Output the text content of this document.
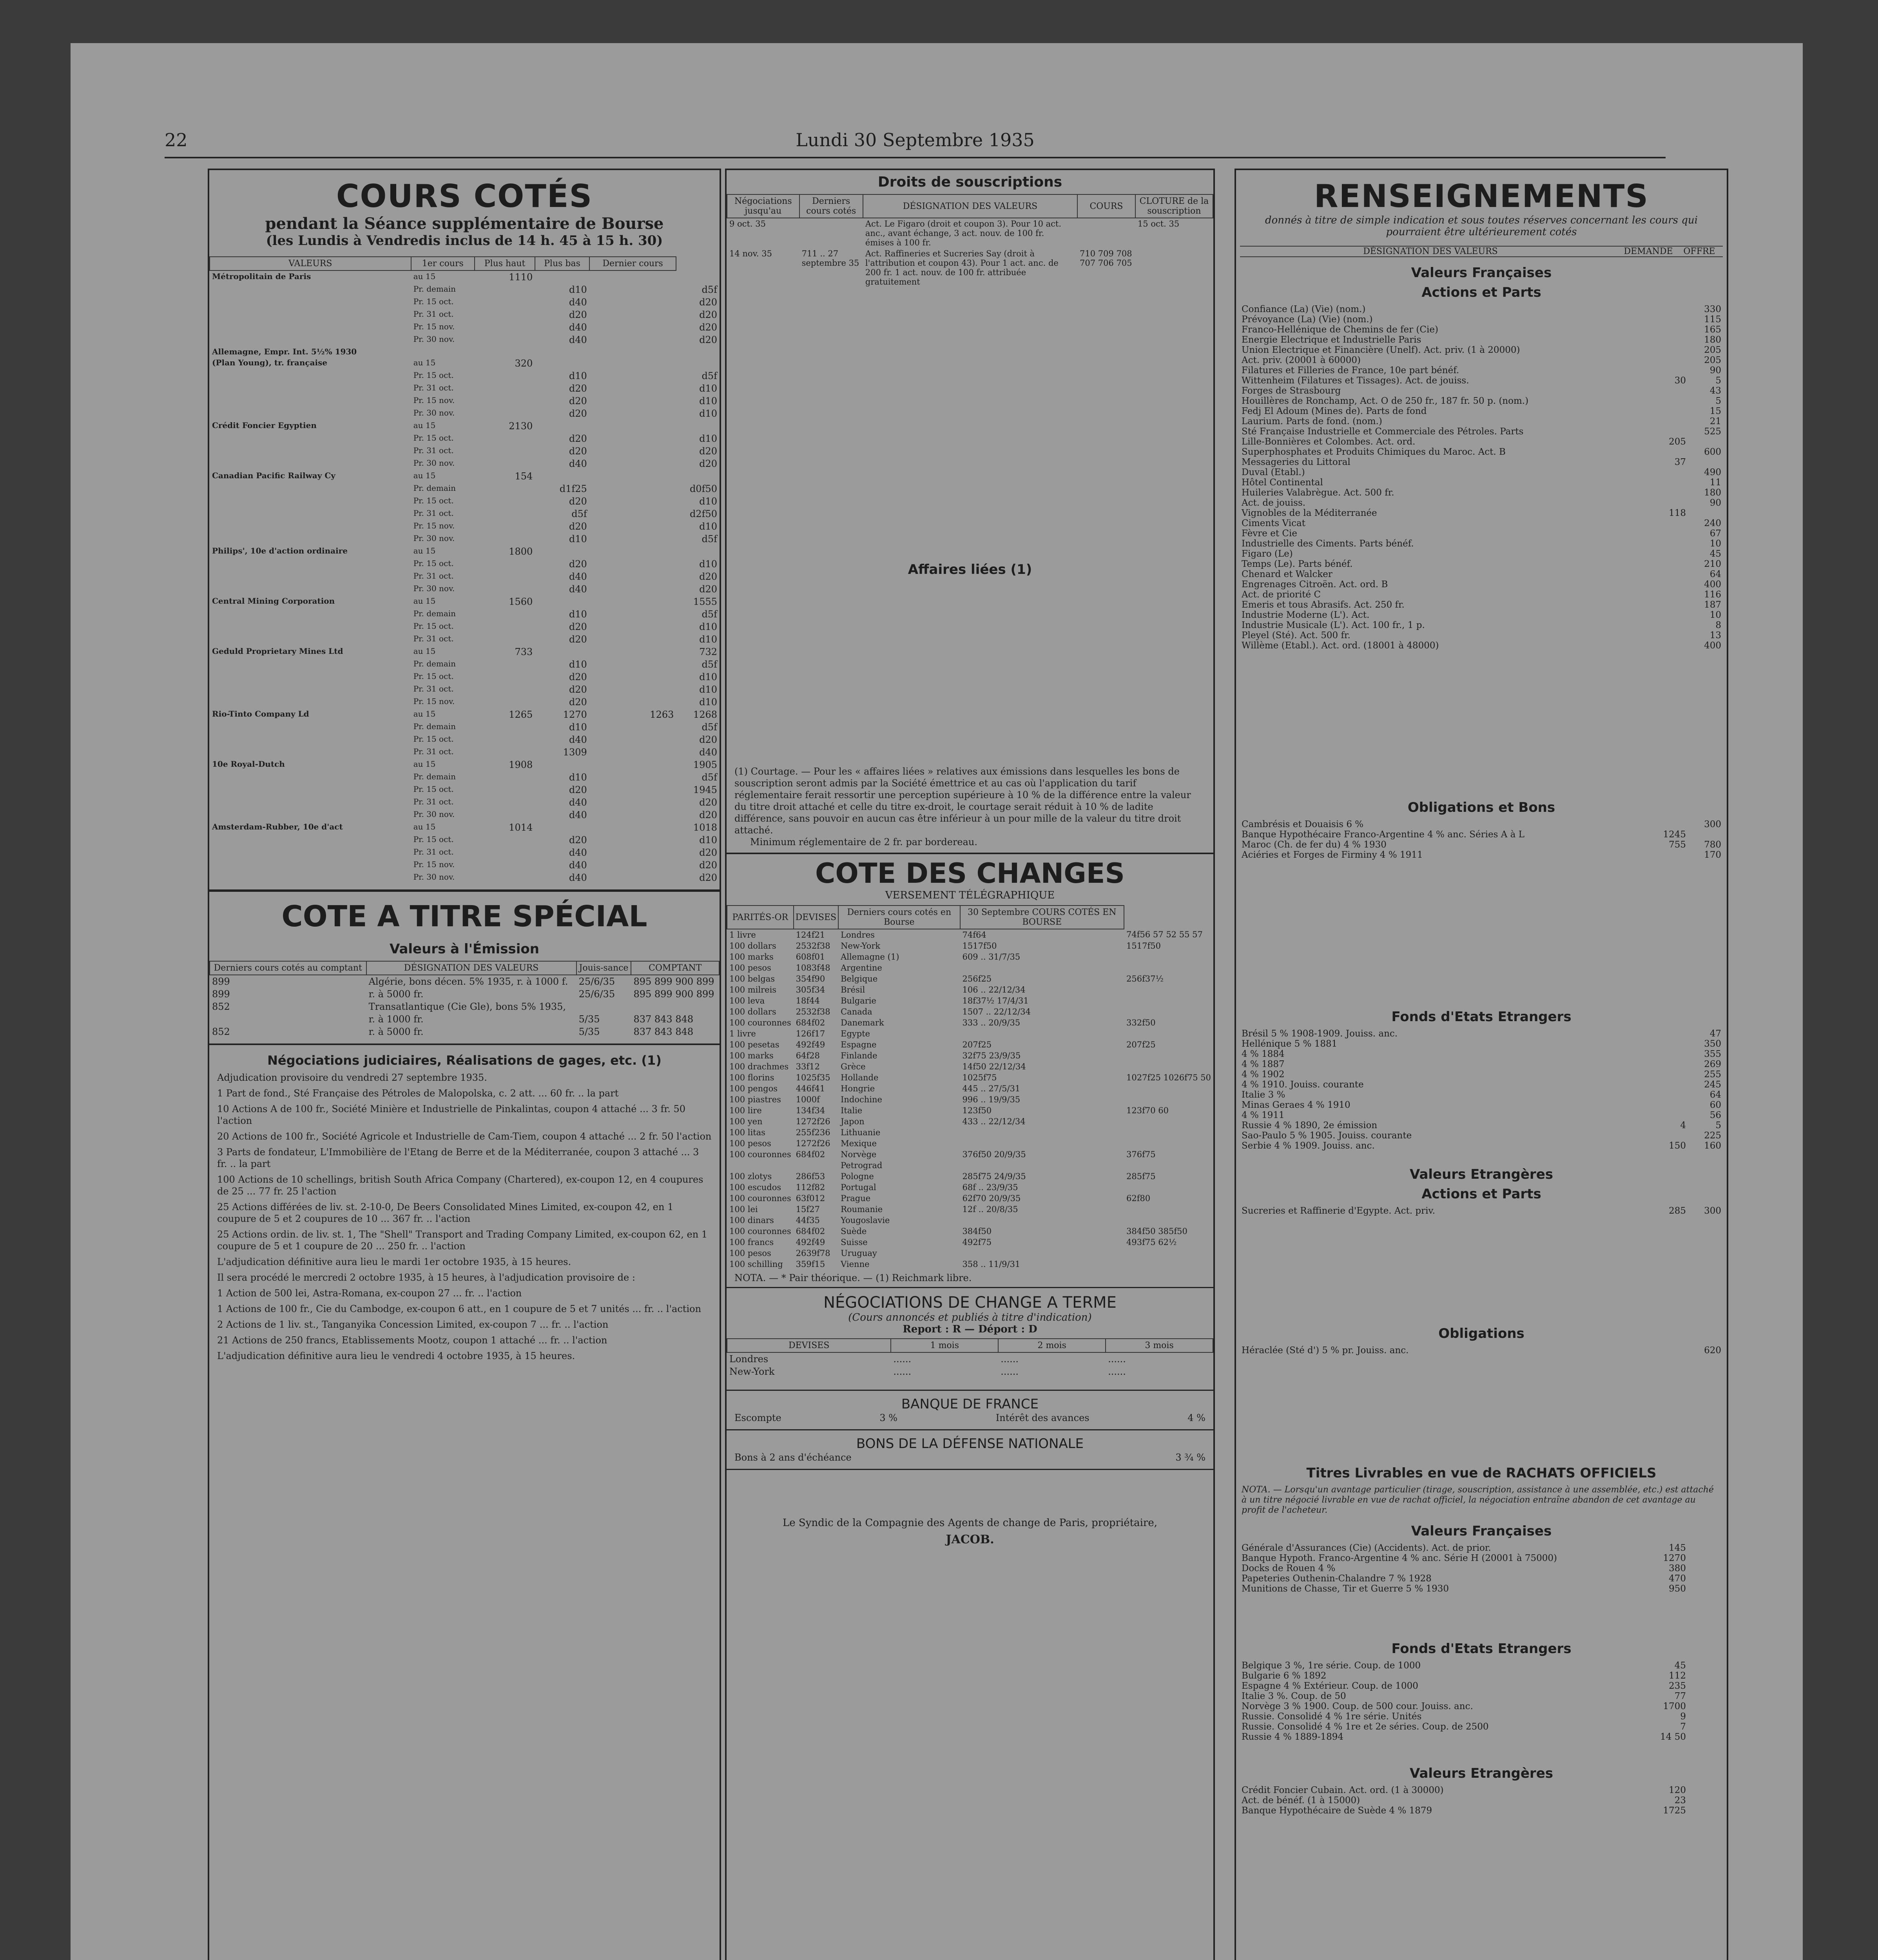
22	Lundi 30 Septembre 1935
COURS COTÉS
pendant la Séance supplémentaire de Bourse
(les Lundis à Vendredis inclus de 14 h. 45 à 15 h. 30)
VALEURS	1er cours	Plus haut	Plus bas	Dernier cours	
Métropolitain de Paris	au 15	1110			
	Pr. demain		d10		d5f
	Pr. 15 oct.		d40		d20
	Pr. 31 oct.		d20		d20
	Pr. 15 nov.		d40		d20
	Pr. 30 nov.		d40		d20
Allemagne, Empr. Int. 5½% 1930					
(Plan Young), tr. française	au 15	320			
	Pr. 15 oct.		d10		d5f
	Pr. 31 oct.		d20		d10
	Pr. 15 nov.		d20		d10
	Pr. 30 nov.		d20		d10
Crédit Foncier Egyptien	au 15	2130			
	Pr. 15 oct.		d20		d10
	Pr. 31 oct.		d20		d20
	Pr. 30 nov.		d40		d20
Canadian Pacific Railway Cy	au 15	154			
	Pr. demain		d1f25		d0f50
	Pr. 15 oct.		d20		d10
	Pr. 31 oct.		d5f		d2f50
	Pr. 15 nov.		d20		d10
	Pr. 30 nov.		d10		d5f
Philips', 10e d'action ordinaire	au 15	1800			
	Pr. 15 oct.		d20		d10
	Pr. 31 oct.		d40		d20
	Pr. 30 nov.		d40		d20
Central Mining Corporation	au 15	1560			1555
	Pr. demain		d10		d5f
	Pr. 15 oct.		d20		d10
	Pr. 31 oct.		d20		d10
Geduld Proprietary Mines Ltd	au 15	733			732
	Pr. demain		d10		d5f
	Pr. 15 oct.		d20		d10
	Pr. 31 oct.		d20		d10
	Pr. 15 nov.		d20		d10
Rio-Tinto Company Ld	au 15	1265	1270	1263	1268
	Pr. demain		d10		d5f
	Pr. 15 oct.		d40		d20
	Pr. 31 oct.		1309		d40
10e Royal-Dutch	au 15	1908			1905
	Pr. demain		d10		d5f
	Pr. 15 oct.		d20		1945
	Pr. 31 oct.		d40		d20
	Pr. 30 nov.		d40		d20
Amsterdam-Rubber, 10e d'act	au 15	1014			1018
	Pr. 15 oct.		d20		d10
	Pr. 31 oct.		d40		d20
	Pr. 15 nov.		d40		d20
	Pr. 30 nov.		d40		d20
COTE A TITRE SPÉCIAL
Valeurs à l'Émission
Derniers cours cotés au comptant	DÉSIGNATION DES VALEURS	Jouis-sance	COMPTANT
899	Algérie, bons décen. 5% 1935, r. à 1000 f.	25/6/35	895 899 900 899
899	r. à 5000 fr.	25/6/35	895 899 900 899
852	Transatlantique (Cie Gle), bons 5% 1935,		
	r. à 1000 fr.	5/35	837 843 848
852	r. à 5000 fr.	5/35	837 843 848
Négociations judiciaires, Réalisations de gages, etc. (1)
Adjudication provisoire du vendredi 27 septembre 1935.
1 Part de fond., Sté Française des Pétroles de Malopolska, c. 2 att. ... 60 fr. .. la part
10 Actions A de 100 fr., Société Minière et Industrielle de Pinkalintas, coupon 4 attaché ... 3 fr. 50 l'action
20 Actions de 100 fr., Société Agricole et Industrielle de Cam-Tiem, coupon 4 attaché ... 2 fr. 50 l'action
3 Parts de fondateur, L'Immobilière de l'Etang de Berre et de la Méditerranée, coupon 3 attaché ... 3 fr. .. la part
100 Actions de 10 schellings, british South Africa Company (Chartered), ex-coupon 12, en 4 coupures de 25 ... 77 fr. 25 l'action
25 Actions différées de liv. st. 2-10-0, De Beers Consolidated Mines Limited, ex-coupon 42, en 1 coupure de 5 et 2 coupures de 10 ... 367 fr. .. l'action
25 Actions ordin. de liv. st. 1, The "Shell" Transport and Trading Company Limited, ex-coupon 62, en 1 coupure de 5 et 1 coupure de 20 ... 250 fr. .. l'action
L'adjudication définitive aura lieu le mardi 1er octobre 1935, à 15 heures.
Il sera procédé le mercredi 2 octobre 1935, à 15 heures, à l'adjudication provisoire de :
1 Action de 500 lei, Astra-Romana, ex-coupon 27 ... fr. .. l'action
1 Actions de 100 fr., Cie du Cambodge, ex-coupon 6 att., en 1 coupure de 5 et 7 unités ... fr. .. l'action
2 Actions de 1 liv. st., Tanganyika Concession Limited, ex-coupon 7 ... fr. .. l'action
21 Actions de 250 francs, Etablissements Mootz, coupon 1 attaché ... fr. .. l'action
L'adjudication définitive aura lieu le vendredi 4 octobre 1935, à 15 heures.
Droits de souscriptions
Négociations jusqu'au	Derniers cours cotés	DÉSIGNATION DES VALEURS	COURS	CLOTURE de la souscription
9 oct. 35		Act. Le Figaro (droit et coupon 3). Pour 10 act. anc., avant échange, 3 act. nouv. de 100 fr. émises à 100 fr.		15 oct. 35
14 nov. 35	711 .. 27 septembre 35	Act. Raffineries et Sucreries Say (droit à l'attribution et coupon 43). Pour 1 act. anc. de 200 fr. 1 act. nouv. de 100 fr. attribuée gratuitement	710 709 708 707 706 705	
Affaires liées (1)
(1) Courtage. — Pour les « affaires liées » relatives aux émissions dans lesquelles les bons de souscription seront admis par la Société émettrice et au cas où l'application du tarif réglementaire ferait ressortir une perception supérieure à 10 % de la différence entre la valeur du titre droit attaché et celle du titre ex-droit, le courtage serait réduit à 10 % de ladite différence, sans pouvoir en aucun cas être inférieur à un pour mille de la valeur du titre droit attaché.
Minimum réglementaire de 2 fr. par bordereau.
COTE DES CHANGES
VERSEMENT TÉLÉGRAPHIQUE
PARITÉS-OR	DEVISES	Derniers cours cotés en Bourse	30 Septembre COURS COTÉS EN BOURSE	
1 livre	124f21	Londres	74f64	74f56 57 52 55 57
100 dollars	2532f38	New-York	1517f50	1517f50
100 marks	608f01	Allemagne (1)	609 .. 31/7/35	
100 pesos	1083f48	Argentine		
100 belgas	354f90	Belgique	256f25	256f37½
100 milreis	305f34	Brésil	106 .. 22/12/34	
100 leva	18f44	Bulgarie	18f37½ 17/4/31	
100 dollars	2532f38	Canada	1507 .. 22/12/34	
100 couronnes	684f02	Danemark	333 .. 20/9/35	332f50
1 livre	126f17	Egypte		
100 pesetas	492f49	Espagne	207f25	207f25
100 marks	64f28	Finlande	32f75 23/9/35	
100 drachmes	33f12	Grèce	14f50 22/12/34	
100 florins	1025f35	Hollande	1025f75	1027f25 1026f75 50
100 pengos	446f41	Hongrie	445 .. 27/5/31	
100 piastres	1000f	Indochine	996 .. 19/9/35	
100 lire	134f34	Italie	123f50	123f70 60
100 yen	1272f26	Japon	433 .. 22/12/34	
100 litas	255f236	Lithuanie		
100 pesos	1272f26	Mexique		
100 couronnes	684f02	Norvège	376f50 20/9/35	376f75
		Petrograd		
100 zlotys	286f53	Pologne	285f75 24/9/35	285f75
100 escudos	112f82	Portugal	68f .. 23/9/35	
100 couronnes	63f012	Prague	62f70 20/9/35	62f80
100 lei	15f27	Roumanie	12f .. 20/8/35	
100 dinars	44f35	Yougoslavie		
100 couronnes	684f02	Suède	384f50	384f50 385f50
100 francs	492f49	Suisse	492f75	493f75 62½
100 pesos	2639f78	Uruguay		
100 schilling	359f15	Vienne	358 .. 11/9/31	
NOTA. — * Pair théorique. — (1) Reichmark libre.
NÉGOCIATIONS DE CHANGE A TERME
(Cours annoncés et publiés à titre d'indication)
Report : R — Déport : D
DEVISES	1 mois	2 mois	3 mois
Londres	......	......	......
New-York	......	......	......
BANQUE DE FRANCE
Escompte	3 %	Intérêt des avances	4 %
BONS DE LA DÉFENSE NATIONALE
Bons à 2 ans d'échéance	3 ¾ %
Le Syndic de la Compagnie des Agents de change de Paris, propriétaire,
JACOB.
RENSEIGNEMENTS
donnés à titre de simple indication et sous toutes réserves concernant les cours qui pourraient être ultérieurement cotés
DÉSIGNATION DES VALEURS	DEMANDE	OFFRE
Valeurs Françaises
Actions et Parts
Confiance (La) (Vie) (nom.)	330
Prévoyance (La) (Vie) (nom.)	115
Franco-Hellénique de Chemins de fer (Cie)	165
Energie Electrique et Industrielle Paris	180
Union Electrique et Financière (Unelf). Act. priv. (1 à 20000)	205
Act. priv. (20001 à 60000)	205
Filatures et Filleries de France, 10e part bénéf.	90
Wittenheim (Filatures et Tissages). Act. de jouiss.	30	5
Forges de Strasbourg	43
Houillères de Ronchamp, Act. O de 250 fr., 187 fr. 50 p. (nom.)	5
Fedj El Adoum (Mines de). Parts de fond	15
Laurium. Parts de fond. (nom.)	21
Sté Française Industrielle et Commerciale des Pétroles. Parts	525
Lille-Bonnières et Colombes. Act. ord.	205
Superphosphates et Produits Chimiques du Maroc. Act. B	600
Messageries du Littoral	37
Duval (Etabl.)	490
Hôtel Continental	11
Huileries Valabrègue. Act. 500 fr.	180
Act. de jouiss.	90
Vignobles de la Méditerranée	118
Ciments Vicat	240
Fèvre et Cie	67
Industrielle des Ciments. Parts bénéf.	10
Figaro (Le)	45
Temps (Le). Parts bénéf.	210
Chenard et Walcker	64
Engrenages Citroën. Act. ord. B	400
Act. de priorité C	116
Emeris et tous Abrasifs. Act. 250 fr.	187
Industrie Moderne (L'). Act.	10
Industrie Musicale (L'). Act. 100 fr., 1 p.	8
Pleyel (Sté). Act. 500 fr.	13
Willème (Etabl.). Act. ord. (18001 à 48000)	400
Obligations et Bons
Cambrésis et Douaisis 6 %	300
Banque Hypothécaire Franco-Argentine 4 % anc. Séries A à L	1245
Maroc (Ch. de fer du) 4 % 1930	755	780
Aciéries et Forges de Firminy 4 % 1911	170
Fonds d'Etats Etrangers
Brésil 5 % 1908-1909. Jouiss. anc.	47
Hellénique 5 % 1881	350
4 % 1884	355
4 % 1887	269
4 % 1902	255
4 % 1910. Jouiss. courante	245
Italie 3 %	64
Minas Geraes 4 % 1910	60
4 % 1911	56
Russie 4 % 1890, 2e émission	4	5
Sao-Paulo 5 % 1905. Jouiss. courante	225
Serbie 4 % 1909. Jouiss. anc.	150	160
Valeurs Etrangères
Actions et Parts
Sucreries et Raffinerie d'Egypte. Act. priv.	285	300
Obligations
Héraclée (Sté d') 5 % pr. Jouiss. anc.	620
Titres Livrables en vue de RACHATS OFFICIELS
NOTA. — Lorsqu'un avantage particulier (tirage, souscription, assistance à une assemblée, etc.) est attaché à un titre négocié livrable en vue de rachat officiel, la négociation entraîne abandon de cet avantage au profit de l'acheteur.
Valeurs Françaises
Générale d'Assurances (Cie) (Accidents). Act. de prior.	145
Banque Hypoth. Franco-Argentine 4 % anc. Série H (20001 à 75000)	1270
Docks de Rouen 4 %	380
Papeteries Outhenin-Chalandre 7 % 1928	470
Munitions de Chasse, Tir et Guerre 5 % 1930	950
Fonds d'Etats Etrangers
Belgique 3 %, 1re série. Coup. de 1000	45
Bulgarie 6 % 1892	112
Espagne 4 % Extérieur. Coup. de 1000	235
Italie 3 %. Coup. de 50	77
Norvège 3 % 1900. Coup. de 500 cour. Jouiss. anc.	1700
Russie. Consolidé 4 % 1re série. Unités	9
Russie. Consolidé 4 % 1re et 2e séries. Coup. de 2500	7
Russie 4 % 1889-1894	14 50
Valeurs Etrangères
Crédit Foncier Cubain. Act. ord. (1 à 30000)	120
Act. de bénéf. (1 à 15000)	23
Banque Hypothécaire de Suède 4 % 1879	1725
